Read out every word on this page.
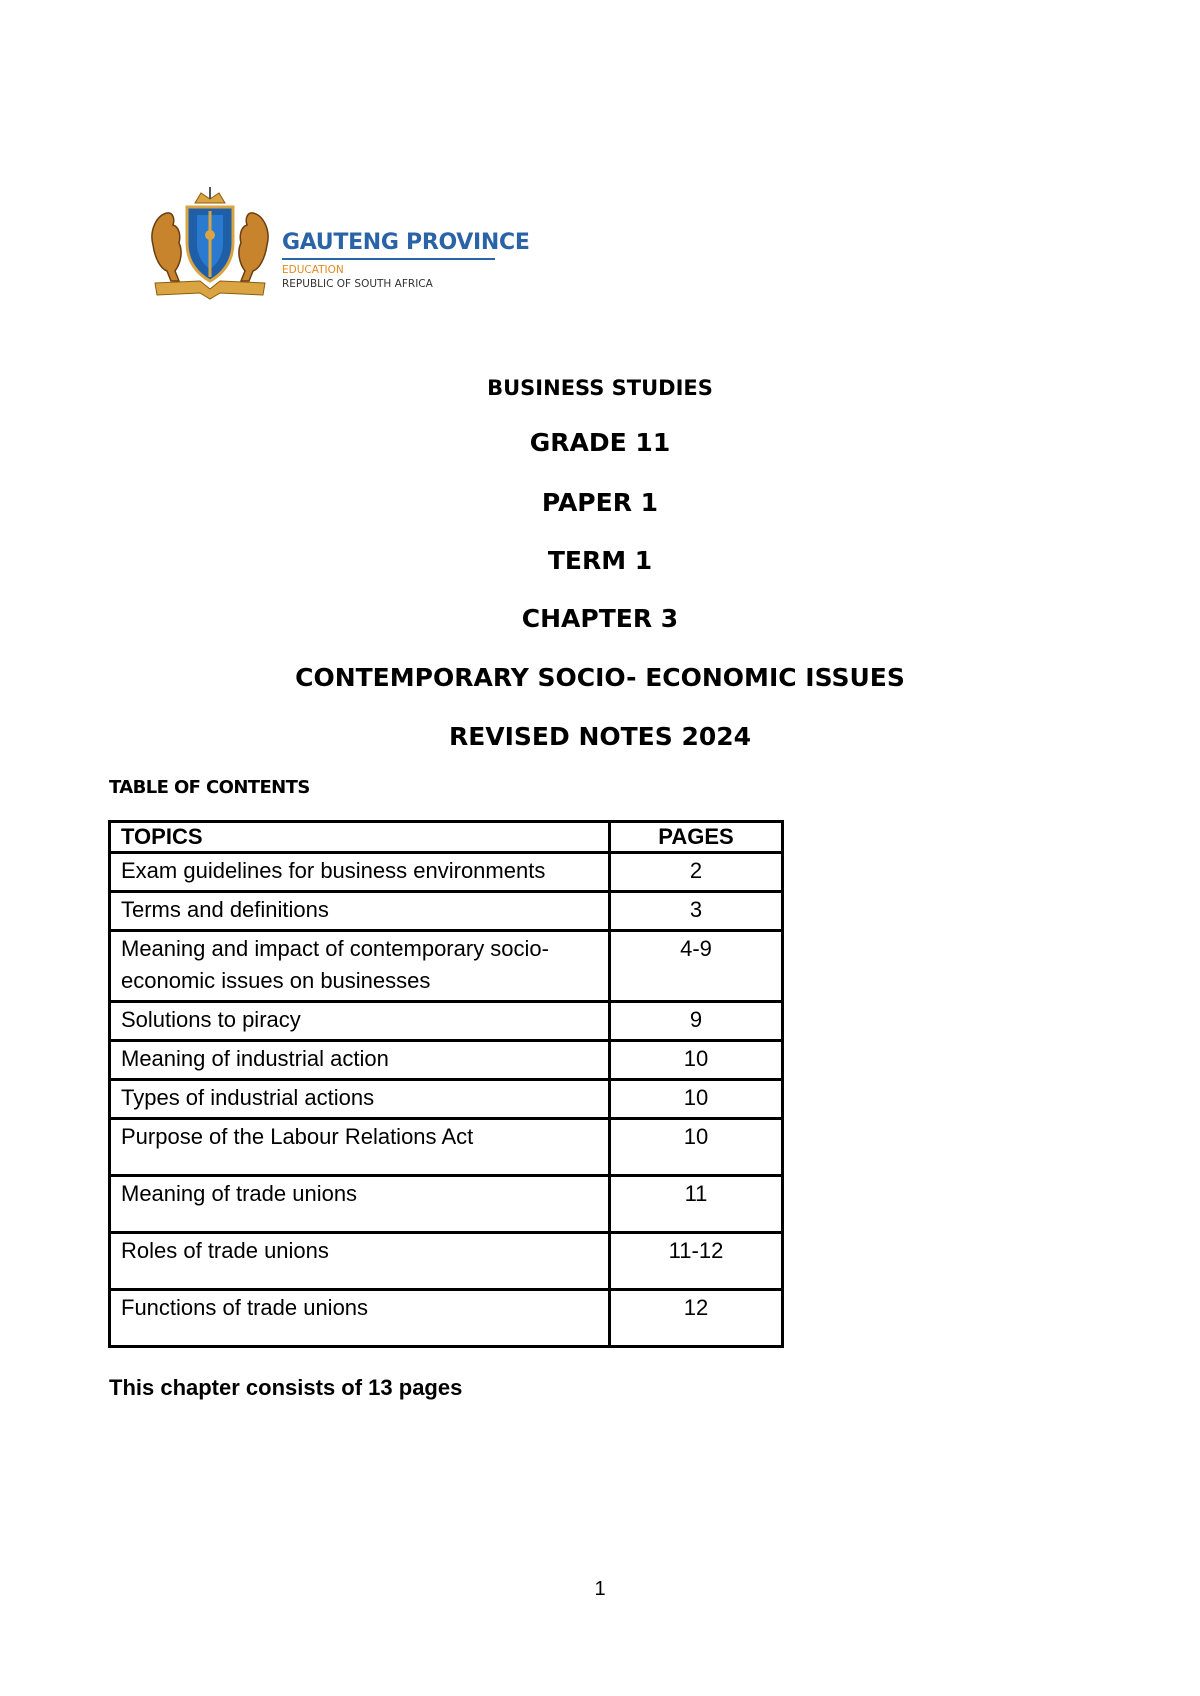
GAUTENG PROVINCE
EDUCATION
REPUBLIC OF SOUTH AFRICA
BUSINESS STUDIES
GRADE 11
PAPER 1
TERM 1
CHAPTER 3
CONTEMPORARY SOCIO- ECONOMIC ISSUES
REVISED NOTES 2024
TABLE OF CONTENTS
TOPICS	PAGES
Exam guidelines for business environments	2
Terms and definitions	3
Meaning and impact of contemporary socio-economic issues on businesses	4-9
Solutions to piracy	9
Meaning of industrial action	10
Types of industrial actions	10
Purpose of the Labour Relations Act	10
Meaning of trade unions	11
Roles of trade unions	11-12
Functions of trade unions	12
This chapter consists of 13 pages
1
